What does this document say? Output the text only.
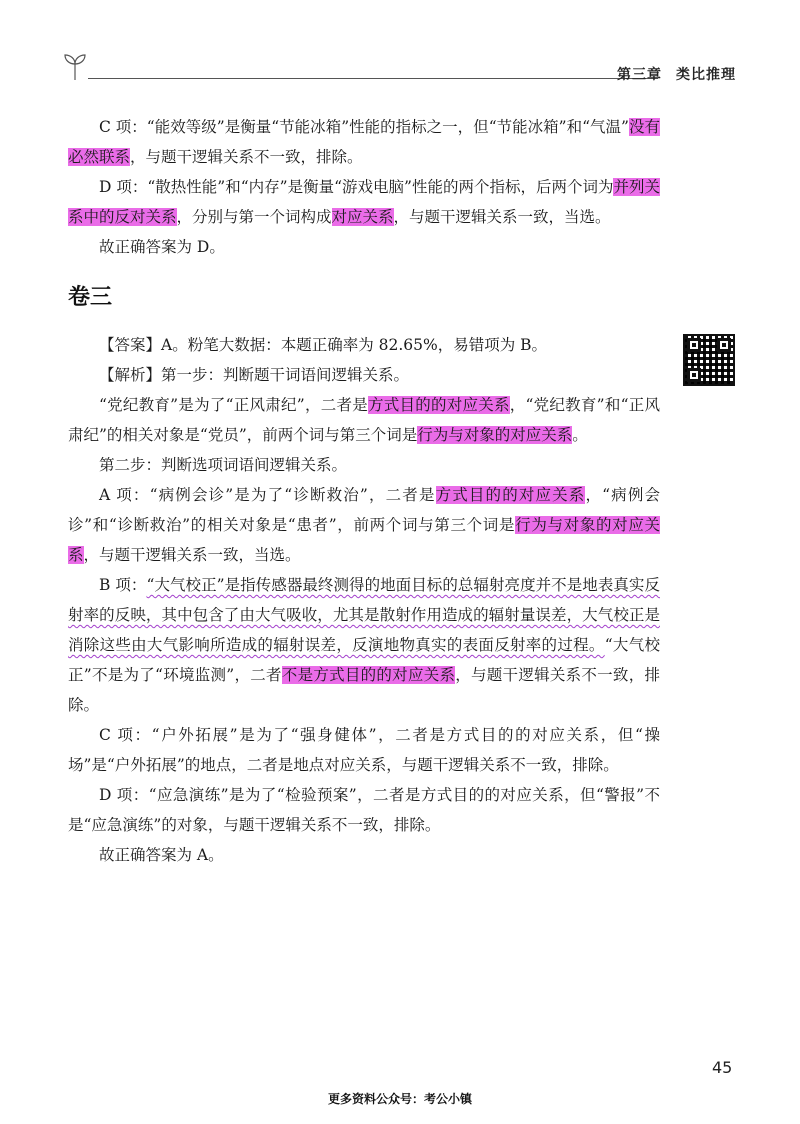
第三章 类比推理

C 项：“能效等级”是衡量“节能冰箱”性能的指标之一，但“节能冰箱”和“气温”没有必然联系，与题干逻辑关系不一致，排除。

D 项：“散热性能”和“内存”是衡量“游戏电脑”性能的两个指标，后两个词为并列关系中的反对关系，分别与第一个词构成对应关系，与题干逻辑关系一致，当选。

故正确答案为 D。

卷三

【答案】A。粉笔大数据：本题正确率为 82.65%，易错项为 B。

【解析】第一步：判断题干词语间逻辑关系。

“党纪教育”是为了“正风肃纪”，二者是方式目的的对应关系，“党纪教育”和“正风肃纪”的相关对象是“党员”，前两个词与第三个词是行为与对象的对应关系。

第二步：判断选项词语间逻辑关系。

A 项：“病例会诊”是为了“诊断救治”，二者是方式目的的对应关系，“病例会诊”和“诊断救治”的相关对象是“患者”，前两个词与第三个词是行为与对象的对应关系，与题干逻辑关系一致，当选。

B 项：“大气校正”是指传感器最终测得的地面目标的总辐射亮度并不是地表真实反射率的反映，其中包含了由大气吸收，尤其是散射作用造成的辐射量误差，大气校正是消除这些由大气影响所造成的辐射误差，反演地物真实的表面反射率的过程。“大气校正”不是为了“环境监测”，二者不是方式目的的对应关系，与题干逻辑关系不一致，排除。

C 项：“户外拓展”是为了“强身健体”，二者是方式目的的对应关系，但“操场”是“户外拓展”的地点，二者是地点对应关系，与题干逻辑关系不一致，排除。

D 项：“应急演练”是为了“检验预案”，二者是方式目的的对应关系，但“警报”不是“应急演练”的对象，与题干逻辑关系不一致，排除。

故正确答案为 A。

45
更多资料公众号：考公小镇
